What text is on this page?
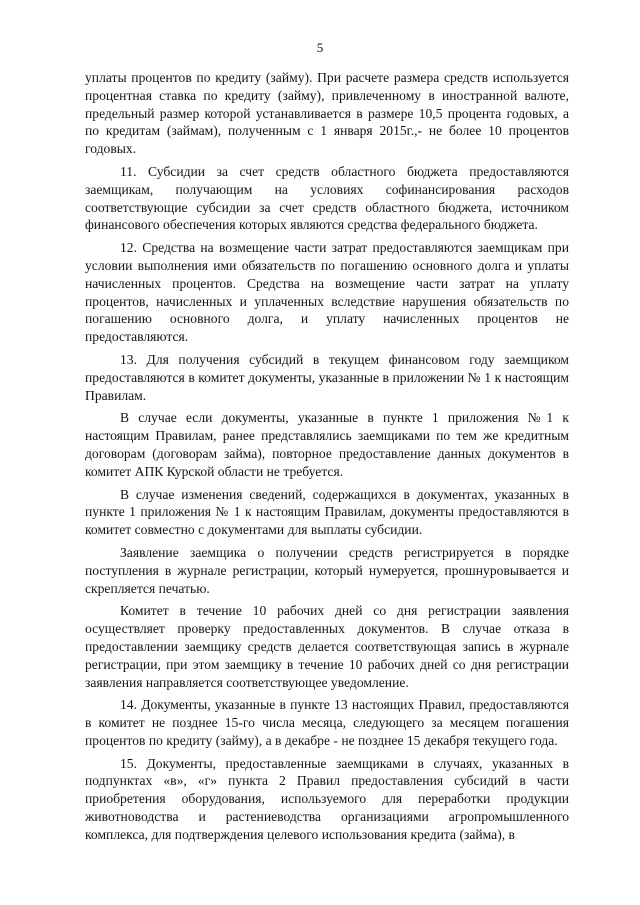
5

уплаты процентов по кредиту (займу). При расчете размера средств используется процентная ставка по кредиту (займу), привлеченному в иностранной валюте, предельный размер которой устанавливается в размере 10,5 процента годовых, а по кредитам (займам), полученным с 1 января 2015г.,- не более 10 процентов годовых.

11. Субсидии за счет средств областного бюджета предоставляются заемщикам, получающим на условиях софинансирования расходов соответствующие субсидии за счет средств областного бюджета, источником финансового обеспечения которых являются средства федерального бюджета.

12. Средства на возмещение части затрат предоставляются заемщикам при условии выполнения ими обязательств по погашению основного долга и уплаты начисленных процентов. Средства на возмещение части затрат на уплату процентов, начисленных и уплаченных вследствие нарушения обязательств по погашению основного долга, и уплату начисленных процентов не предоставляются.

13. Для получения субсидий в текущем финансовом году заемщиком предоставляются в комитет документы, указанные в приложении № 1 к настоящим Правилам.

В случае если документы, указанные в пункте 1 приложения №1 к настоящим Правилам, ранее представлялись заемщиками по тем же кредитным договорам (договорам займа), повторное предоставление данных документов в комитет АПК Курской области не требуется.

В случае изменения сведений, содержащихся в документах, указанных в пункте 1 приложения № 1 к настоящим Правилам, документы предоставляются в комитет совместно с документами для выплаты субсидии.

Заявление заемщика о получении средств регистрируется в порядке поступления в журнале регистрации, который нумеруется, прошнуровывается и скрепляется печатью.

Комитет в течение 10 рабочих дней со дня регистрации заявления осуществляет проверку предоставленных документов. В случае отказа в предоставлении заемщику средств делается соответствующая запись в журнале регистрации, при этом заемщику в течение 10 рабочих дней со дня регистрации заявления направляется соответствующее уведомление.

14. Документы, указанные в пункте 13 настоящих Правил, предоставляются в комитет не позднее 15-го числа месяца, следующего за месяцем погашения процентов по кредиту (займу), а в декабре - не позднее 15 декабря текущего года.

15. Документы, предоставленные заемщиками в случаях, указанных в подпунктах «в», «г» пункта 2 Правил предоставления субсидий в части приобретения оборудования, используемого для переработки продукции животноводства и растениеводства организациями агропромышленного комплекса, для подтверждения целевого использования кредита (займа), в
